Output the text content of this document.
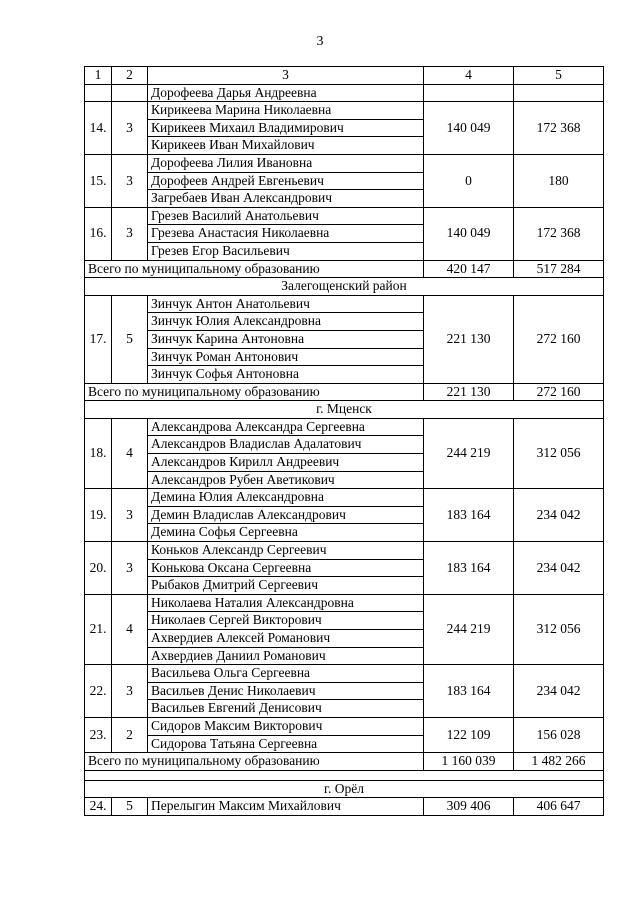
3
1	2	3	4	5
		Дорофеева Дарья Андреевна		
14.	3	Кирикеева Марина Николаевна	140 049	172 368
		Кирикеев Михаил Владимирович		
		Кирикеев Иван Михайлович		
15.	3	Дорофеева Лилия Ивановна	0	180
		Дорофеев Андрей Евгеньевич		
		Загребаев Иван Александрович		
16.	3	Грезев Василий Анатольевич	140 049	172 368
		Грезева Анастасия Николаевна		
		Грезев Егор Васильевич		
Всего по муниципальному образованию			420 147	517 284
Залегощенский район				
17.	5	Зинчук Антон Анатольевич	221 130	272 160
		Зинчук Юлия Александровна		
		Зинчук Карина Антоновна		
		Зинчук Роман Антонович		
		Зинчук Софья Антоновна		
Всего по муниципальному образованию			221 130	272 160
г. Мценск				
18.	4	Александрова Александра Сергеевна	244 219	312 056
		Александров Владислав Адалатович		
		Александров Кирилл Андреевич		
		Александров Рубен Аветикович		
19.	3	Демина Юлия Александровна	183 164	234 042
		Демин Владислав Александрович		
		Демина Софья Сергеевна		
20.	3	Коньков Александр Сергеевич	183 164	234 042
		Конькова Оксана Сергеевна		
		Рыбаков Дмитрий Сергеевич		
21.	4	Николаева Наталия Александровна	244 219	312 056
		Николаев Сергей Викторович		
		Ахвердиев Алексей Романович		
		Ахвердиев Даниил Романович		
22.	3	Васильева Ольга Сергеевна	183 164	234 042
		Васильев Денис Николаевич		
		Васильев Евгений Денисович		
23.	2	Сидоров Максим Викторович	122 109	156 028
		Сидорова Татьяна Сергеевна		
Всего по муниципальному образованию			1 160 039	1 482 266

г. Орёл				
24.	5	Перелыгин Максим Михайлович	309 406	406 647
